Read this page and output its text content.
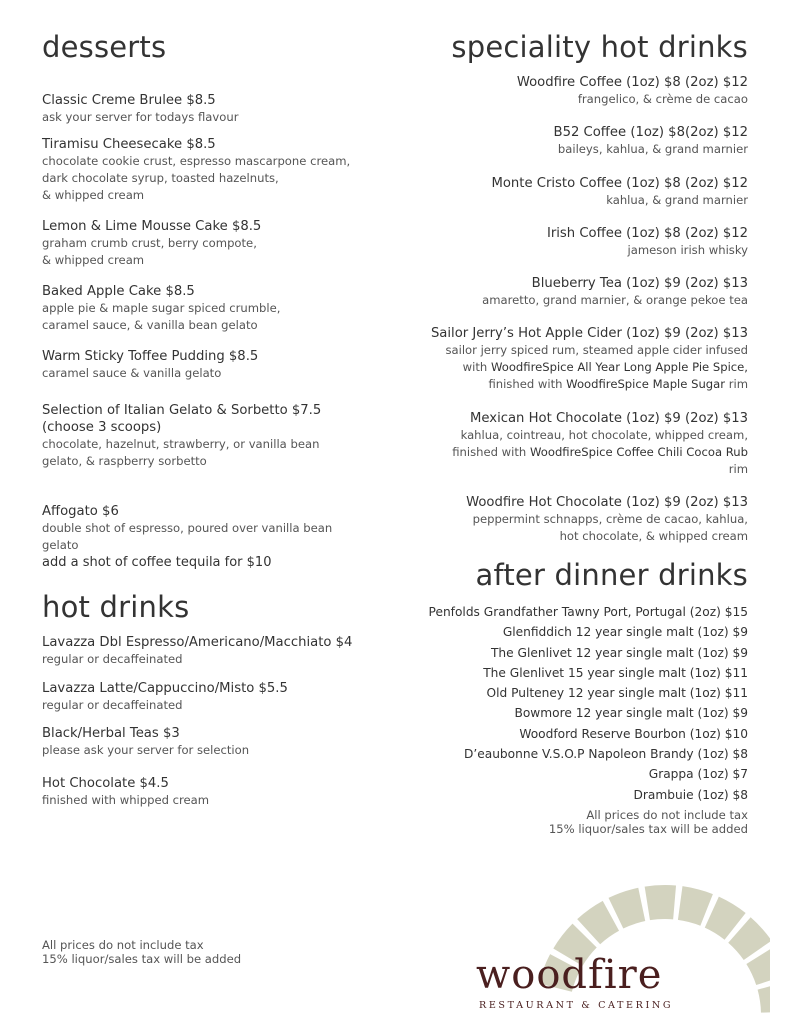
desserts
Classic Creme Brulee $8.5
ask your server for todays flavour
Tiramisu Cheesecake $8.5
chocolate cookie crust, espresso mascarpone cream,
dark chocolate syrup, toasted hazelnuts,
& whipped cream
Lemon & Lime Mousse Cake $8.5
graham crumb crust, berry compote,
& whipped cream
Baked Apple Cake $8.5
apple pie & maple sugar spiced crumble,
caramel sauce, & vanilla bean gelato
Warm Sticky Toffee Pudding $8.5
caramel sauce & vanilla gelato
Selection of Italian Gelato & Sorbetto $7.5
(choose 3 scoops)
chocolate, hazelnut, strawberry, or vanilla bean
gelato, & raspberry sorbetto
Affogato $6
double shot of espresso, poured over vanilla bean
gelato
add a shot of coffee tequila for $10
hot drinks
Lavazza Dbl Espresso/Americano/Macchiato $4
regular or decaffeinated
Lavazza Latte/Cappuccino/Misto $5.5
regular or decaffeinated
Black/Herbal Teas $3
please ask your server for selection
Hot Chocolate $4.5
finished with whipped cream
All prices do not include tax
15% liquor/sales tax will be added
speciality hot drinks
Woodfire Coffee (1oz) $8 (2oz) $12
frangelico, & crème de cacao
B52 Coffee (1oz) $8(2oz) $12
baileys, kahlua, & grand marnier
Monte Cristo Coffee (1oz) $8 (2oz) $12
kahlua, & grand marnier
Irish Coffee (1oz) $8 (2oz) $12
jameson irish whisky
Blueberry Tea (1oz) $9 (2oz) $13
amaretto, grand marnier, & orange pekoe tea
Sailor Jerry’s Hot Apple Cider (1oz) $9 (2oz) $13
sailor jerry spiced rum, steamed apple cider infused
with WoodfireSpice All Year Long Apple Pie Spice,
finished with WoodfireSpice Maple Sugar rim
Mexican Hot Chocolate (1oz) $9 (2oz) $13
kahlua, cointreau, hot chocolate, whipped cream,
finished with WoodfireSpice Coffee Chili Cocoa Rub
rim
Woodfire Hot Chocolate (1oz) $9 (2oz) $13
peppermint schnapps, crème de cacao, kahlua,
hot chocolate, & whipped cream
after dinner drinks
Penfolds Grandfather Tawny Port, Portugal (2oz) $15
Glenfiddich 12 year single malt (1oz) $9
The Glenlivet 12 year single malt (1oz) $9
The Glenlivet 15 year single malt (1oz) $11
Old Pulteney 12 year single malt (1oz) $11
Bowmore 12 year single malt (1oz) $9
Woodford Reserve Bourbon (1oz) $10
D’eaubonne V.S.O.P Napoleon Brandy (1oz) $8
Grappa (1oz) $7
Drambuie (1oz) $8
All prices do not include tax
15% liquor/sales tax will be added
woodfire
RESTAURANT & CATERING
